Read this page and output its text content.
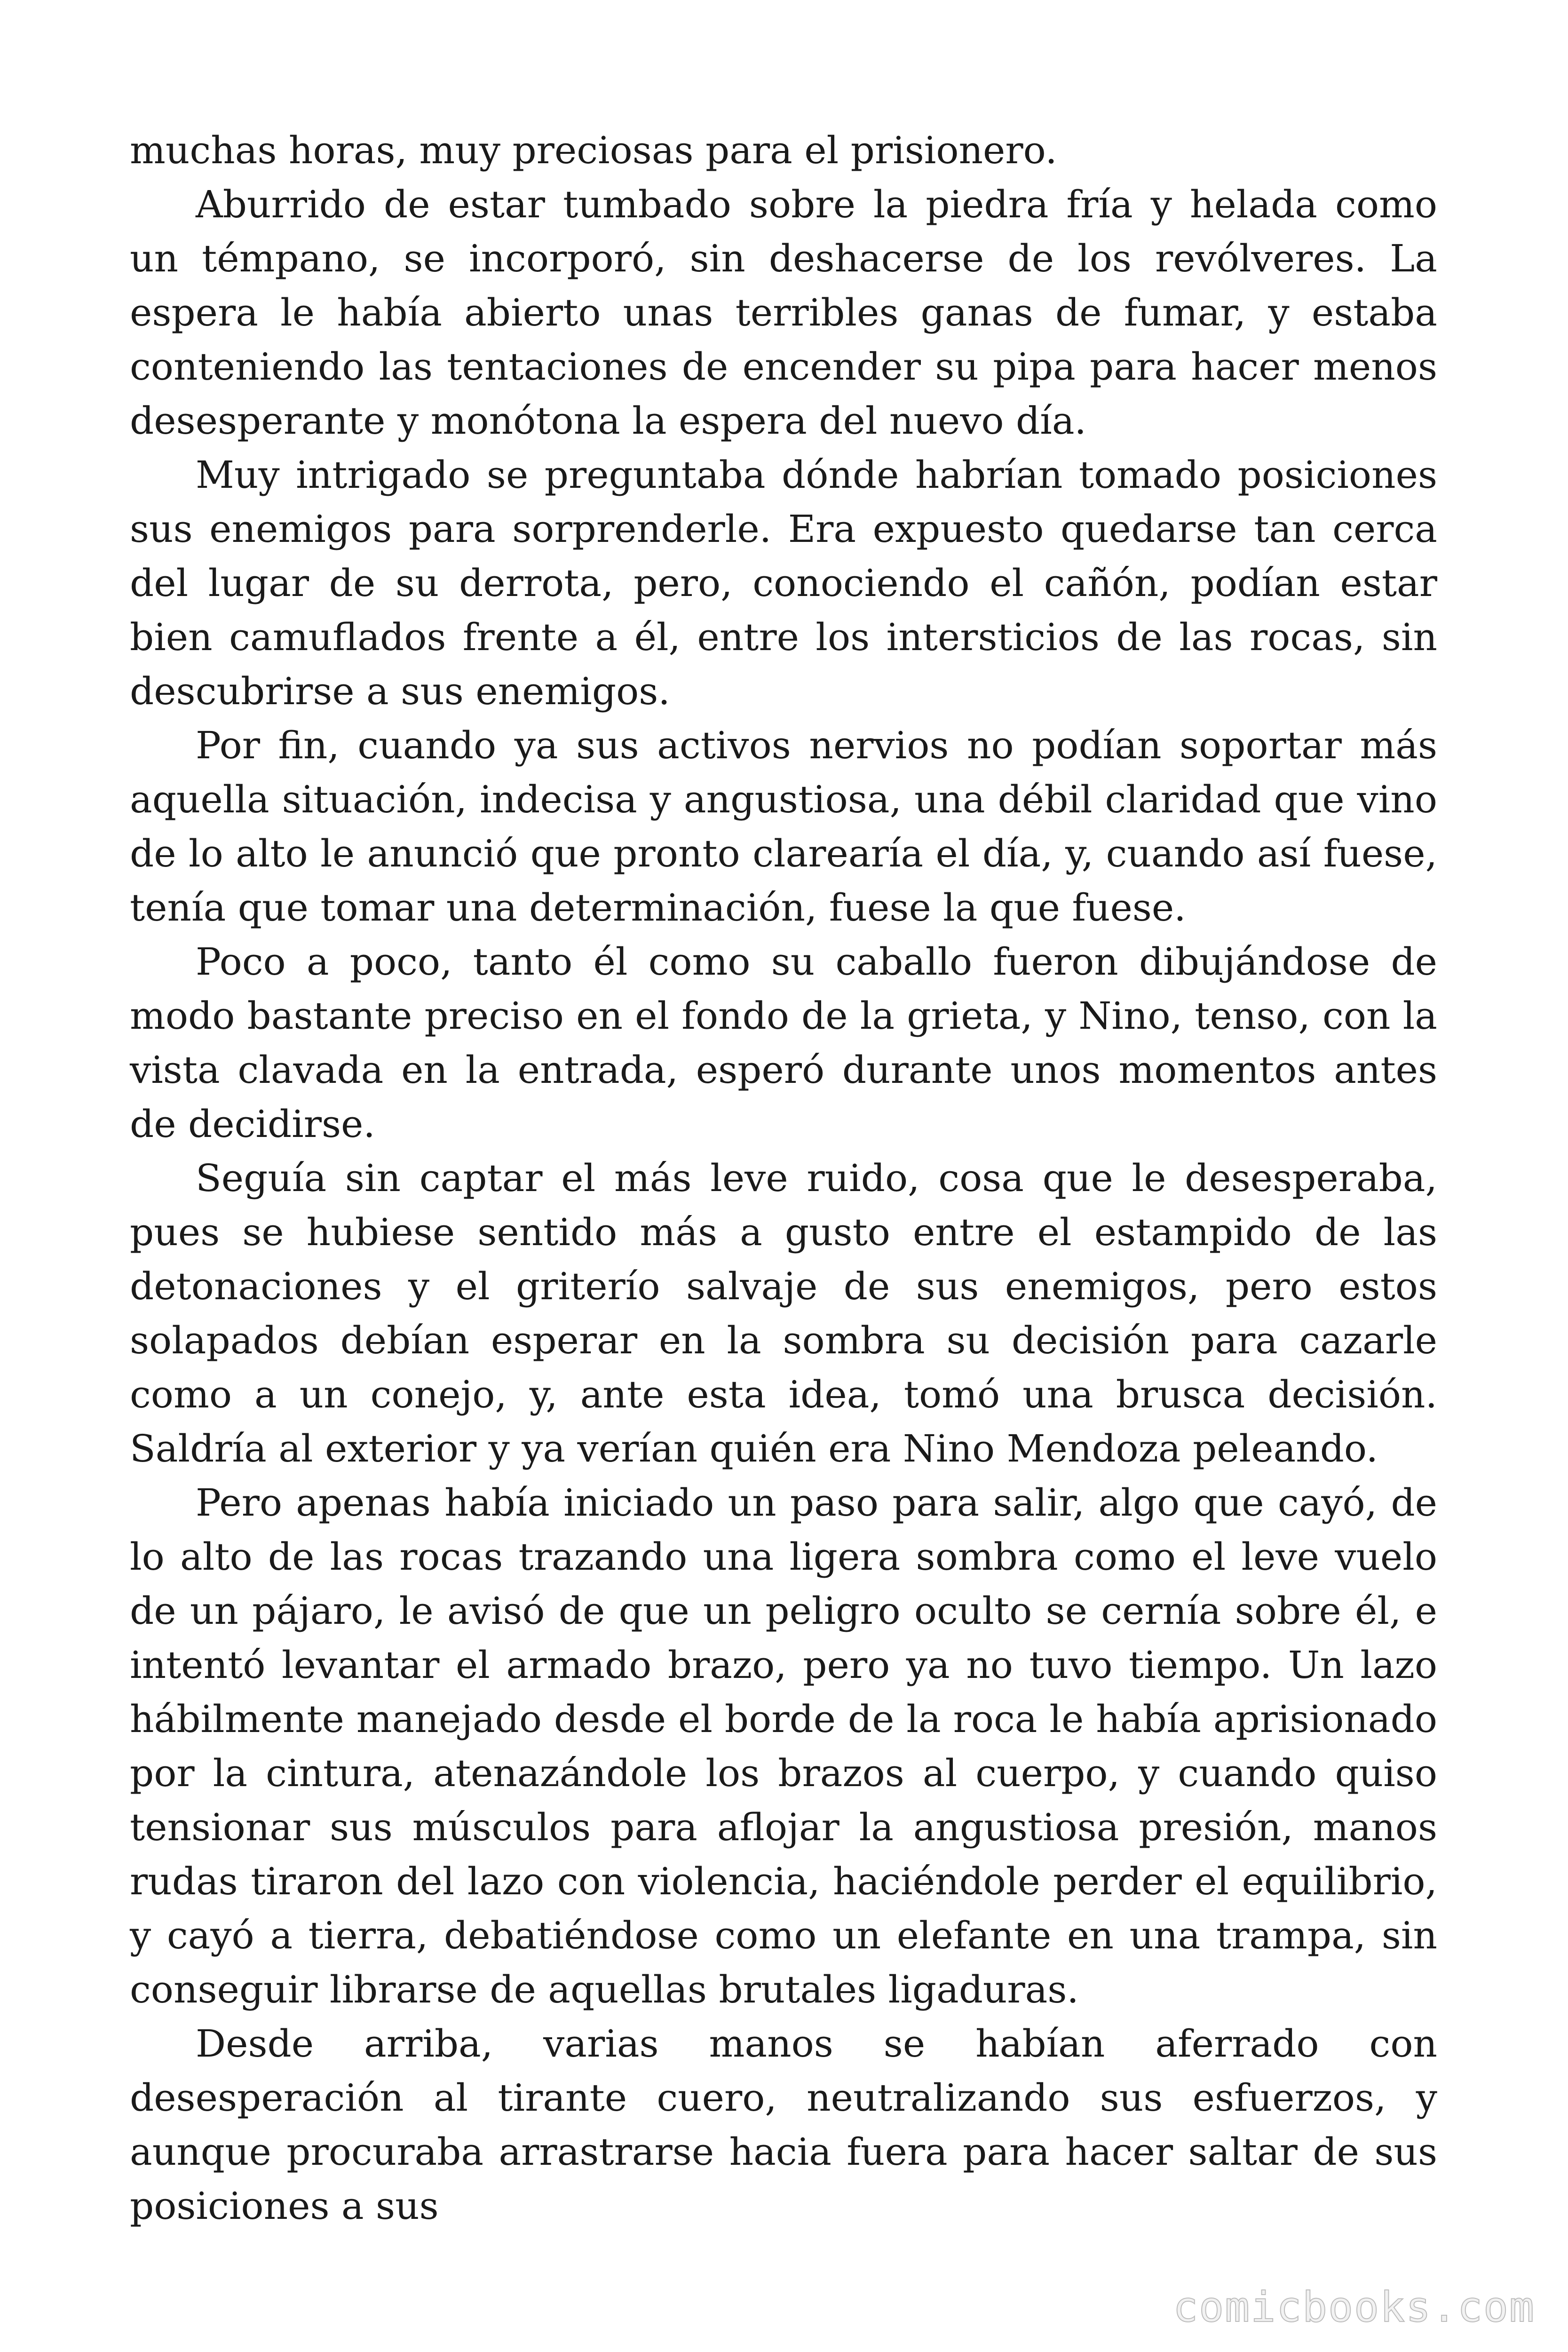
muchas horas, muy preciosas para el prisionero.

Aburrido de estar tumbado sobre la piedra fría y helada como un témpano, se incorporó, sin deshacerse de los revólveres. La espera le había abierto unas terribles ganas de fumar, y estaba conteniendo las tentaciones de encender su pipa para hacer menos desesperante y monótona la espera del nuevo día.

Muy intrigado se preguntaba dónde habrían tomado posiciones sus enemigos para sorprenderle. Era expuesto quedarse tan cerca del lugar de su derrota, pero, conociendo el cañón, podían estar bien camuflados frente a él, entre los intersticios de las rocas, sin descubrirse a sus enemigos.

Por fin, cuando ya sus activos nervios no podían soportar más aquella situación, indecisa y angustiosa, una débil claridad que vino de lo alto le anunció que pronto clarearía el día, y, cuando así fuese, tenía que tomar una determinación, fuese la que fuese.

Poco a poco, tanto él como su caballo fueron dibujándose de modo bastante preciso en el fondo de la grieta, y Nino, tenso, con la vista clavada en la entrada, esperó durante unos momentos antes de decidirse.

Seguía sin captar el más leve ruido, cosa que le desesperaba, pues se hubiese sentido más a gusto entre el estampido de las detonaciones y el griterío salvaje de sus enemigos, pero estos solapados debían esperar en la sombra su decisión para cazarle como a un conejo, y, ante esta idea, tomó una brusca decisión. Saldría al exterior y ya verían quién era Nino Mendoza peleando.

Pero apenas había iniciado un paso para salir, algo que cayó, de lo alto de las rocas trazando una ligera sombra como el leve vuelo de un pájaro, le avisó de que un peligro oculto se cernía sobre él, e intentó levantar el armado brazo, pero ya no tuvo tiempo. Un lazo hábilmente manejado desde el borde de la roca le había aprisionado por la cintura, atenazándole los brazos al cuerpo, y cuando quiso tensionar sus músculos para aflojar la angustiosa presión, manos rudas tiraron del lazo con violencia, haciéndole perder el equilibrio, y cayó a tierra, debatiéndose como un elefante en una trampa, sin conseguir librarse de aquellas brutales ligaduras.

Desde arriba, varias manos se habían aferrado con desesperación al tirante cuero, neutralizando sus esfuerzos, y aunque procuraba arrastrarse hacia fuera para hacer saltar de sus posiciones a sus

comicbooks.com
